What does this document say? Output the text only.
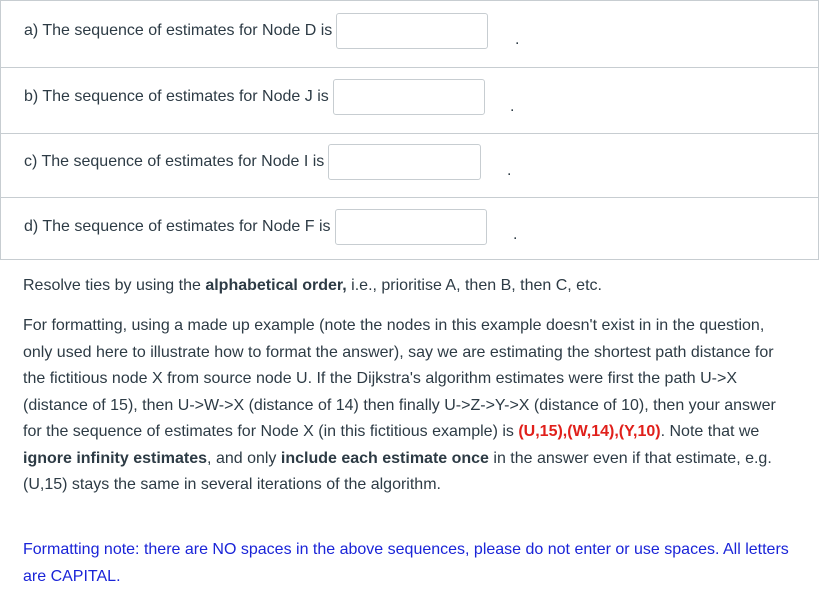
a) The sequence of estimates for Node D is
.
b) The sequence of estimates for Node J is
.
c) The sequence of estimates for Node I is
.
d) The sequence of estimates for Node F is	.

Resolve ties by using the alphabetical order, i.e., prioritise A, then B, then C, etc.

For formatting, using a made up example (note the nodes in this example doesn't exist in in the question, only used here to illustrate how to format the answer), say we are estimating the shortest path distance for the fictitious node X from source node U. If the Dijkstra's algorithm estimates were first the path U->X (distance of 15), then U->W->X (distance of 14) then finally U->Z->Y->X (distance of 10), then your answer for the sequence of estimates for Node X (in this fictitious example) is (U,15),(W,14),(Y,10). Note that we ignore infinity estimates, and only include each estimate once in the answer even if that estimate, e.g. (U,15) stays the same in several iterations of the algorithm.

Formatting note: there are NO spaces in the above sequences, please do not enter or use spaces. All letters are CAPITAL.
